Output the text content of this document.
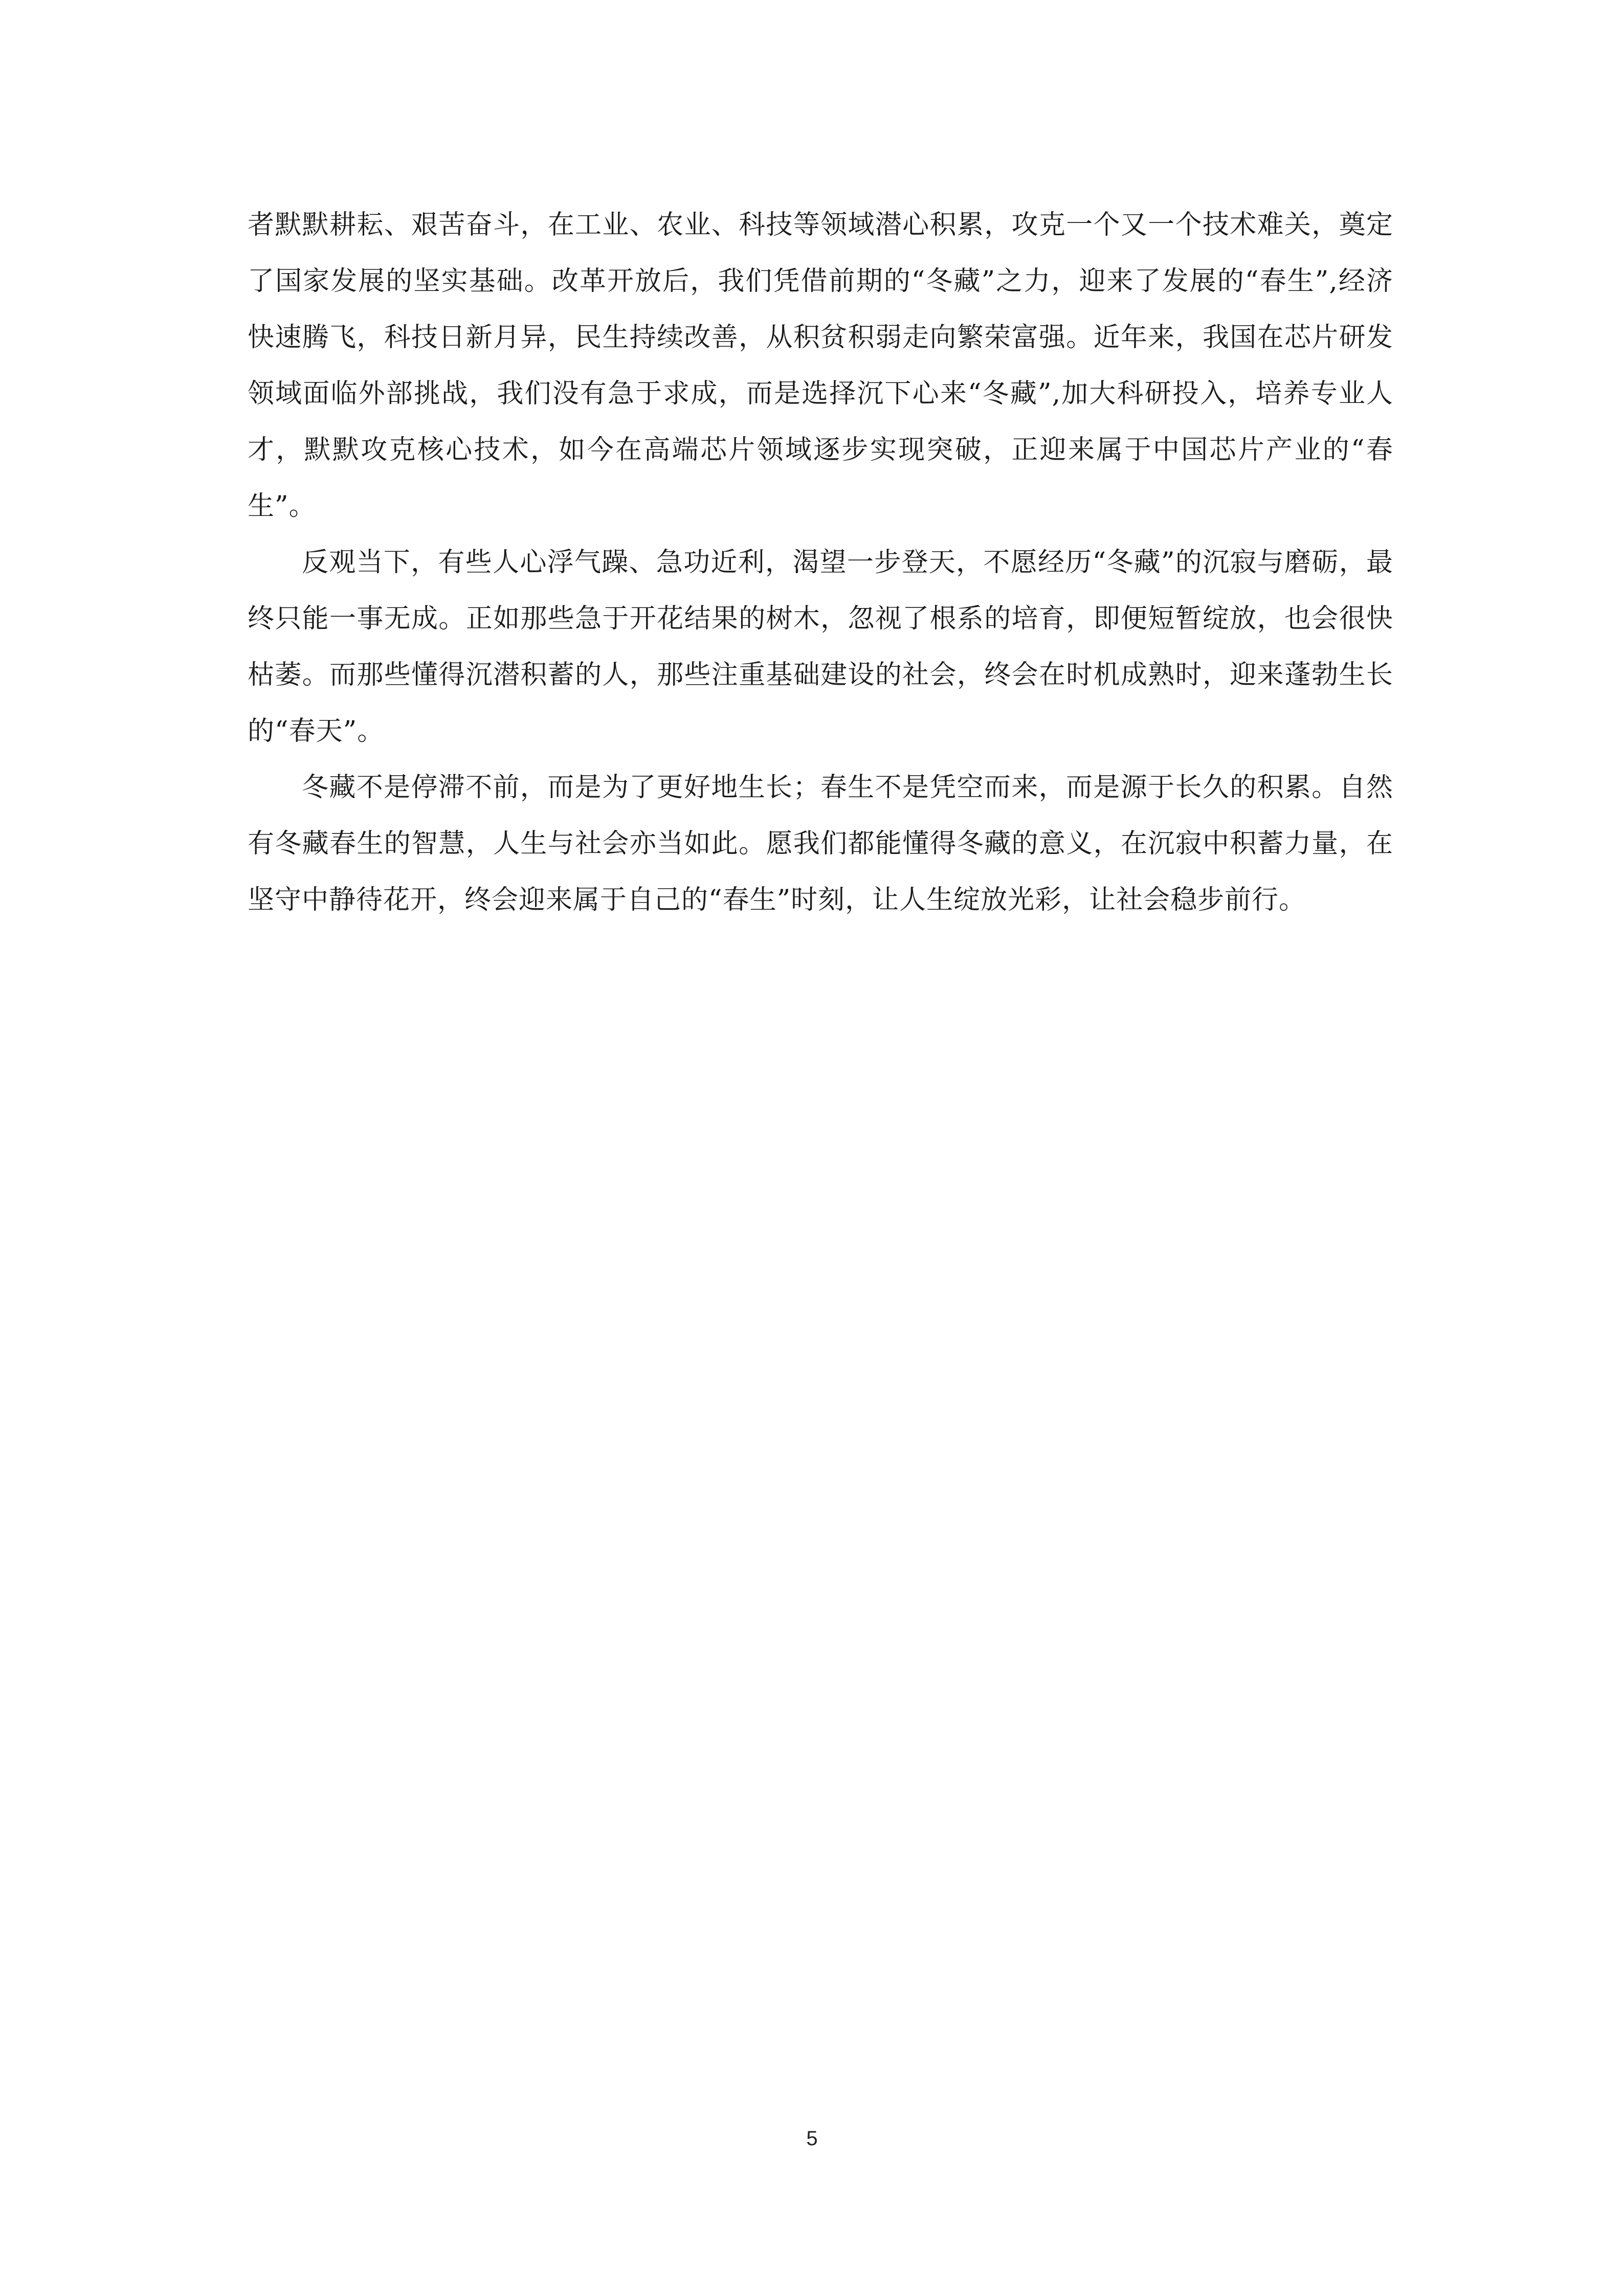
者默默耕耘、艰苦奋斗，在工业、农业、科技等领域潜心积累，攻克一个又一个技术难关，奠定了国家发展的坚实基础。改革开放后，我们凭借前期的“冬藏”之力，迎来了发展的“春生”,经济快速腾飞，科技日新月异，民生持续改善，从积贫积弱走向繁荣富强。近年来，我国在芯片研发领域面临外部挑战，我们没有急于求成，而是选择沉下心来“冬藏”,加大科研投入，培养专业人才，默默攻克核心技术，如今在高端芯片领域逐步实现突破，正迎来属于中国芯片产业的“春生”。

反观当下，有些人心浮气躁、急功近利，渴望一步登天，不愿经历“冬藏”的沉寂与磨砺，最终只能一事无成。正如那些急于开花结果的树木，忽视了根系的培育，即便短暂绽放，也会很快枯萎。而那些懂得沉潜积蓄的人，那些注重基础建设的社会，终会在时机成熟时，迎来蓬勃生长的“春天”。

冬藏不是停滞不前，而是为了更好地生长；春生不是凭空而来，而是源于长久的积累。自然有冬藏春生的智慧，人生与社会亦当如此。愿我们都能懂得冬藏的意义，在沉寂中积蓄力量，在坚守中静待花开，终会迎来属于自己的“春生”时刻，让人生绽放光彩，让社会稳步前行。

5
